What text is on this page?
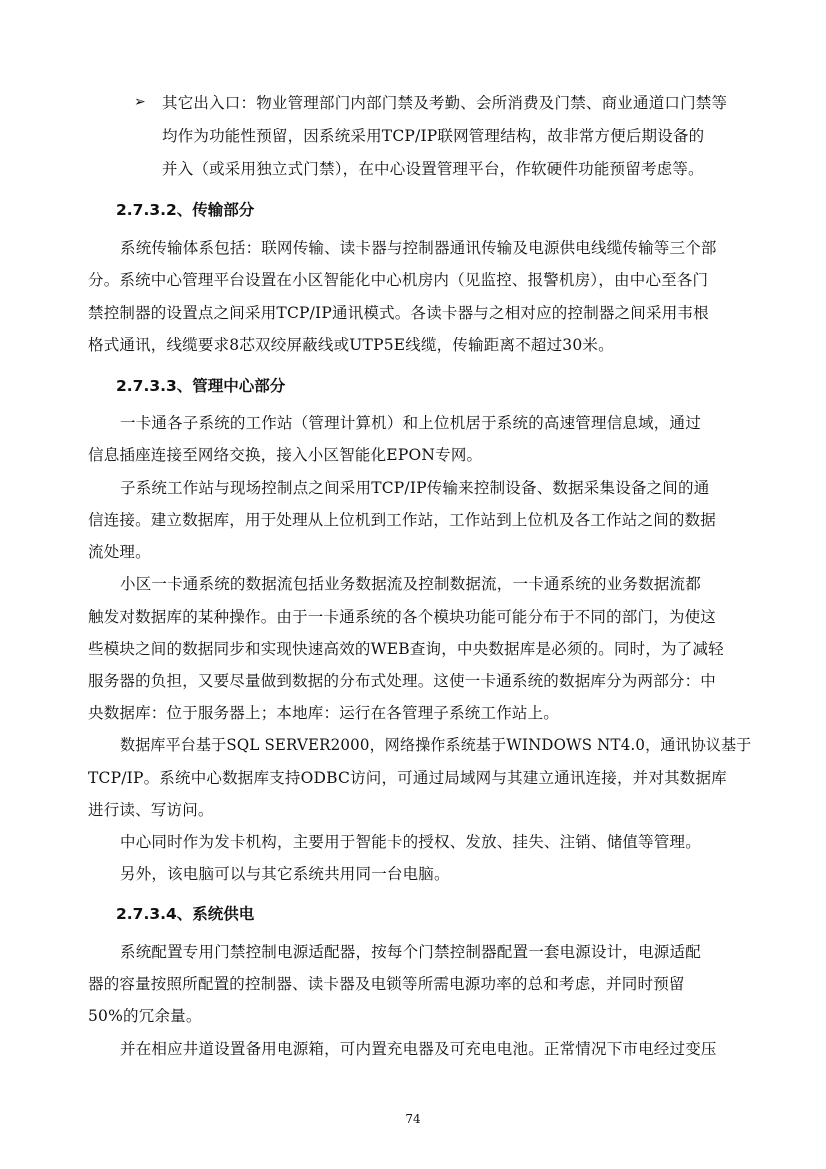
➢ 其它出入口：物业管理部门内部门禁及考勤、会所消费及门禁、商业通道口门禁等
均作为功能性预留，因系统采用TCP/IP联网管理结构，故非常方便后期设备的
并入（或采用独立式门禁），在中心设置管理平台，作软硬件功能预留考虑等。
2.7.3.2、传输部分
系统传输体系包括：联网传输、读卡器与控制器通讯传输及电源供电线缆传输等三个部
分。系统中心管理平台设置在小区智能化中心机房内（见监控、报警机房），由中心至各门
禁控制器的设置点之间采用TCP/IP通讯模式。各读卡器与之相对应的控制器之间采用韦根
格式通讯，线缆要求8芯双绞屏蔽线或UTP5E线缆，传输距离不超过30米。
2.7.3.3、管理中心部分
一卡通各子系统的工作站（管理计算机）和上位机居于系统的高速管理信息域，通过
信息插座连接至网络交换，接入小区智能化EPON专网。
子系统工作站与现场控制点之间采用TCP/IP传输来控制设备、数据采集设备之间的通
信连接。建立数据库，用于处理从上位机到工作站，工作站到上位机及各工作站之间的数据
流处理。
小区一卡通系统的数据流包括业务数据流及控制数据流，一卡通系统的业务数据流都
触发对数据库的某种操作。由于一卡通系统的各个模块功能可能分布于不同的部门，为使这
些模块之间的数据同步和实现快速高效的WEB查询，中央数据库是必须的。同时，为了减轻
服务器的负担，又要尽量做到数据的分布式处理。这使一卡通系统的数据库分为两部分：中
央数据库：位于服务器上；本地库：运行在各管理子系统工作站上。
数据库平台基于SQL SERVER2000，网络操作系统基于WINDOWS NT4.0，通讯协议基于
TCP/IP。系统中心数据库支持ODBC访问，可通过局域网与其建立通讯连接，并对其数据库
进行读、写访问。
中心同时作为发卡机构，主要用于智能卡的授权、发放、挂失、注销、储值等管理。
另外，该电脑可以与其它系统共用同一台电脑。
2.7.3.4、系统供电
系统配置专用门禁控制电源适配器，按每个门禁控制器配置一套电源设计，电源适配
器的容量按照所配置的控制器、读卡器及电锁等所需电源功率的总和考虑，并同时预留
50%的冗余量。
并在相应井道设置备用电源箱，可内置充电器及可充电电池。正常情况下市电经过变压
74
